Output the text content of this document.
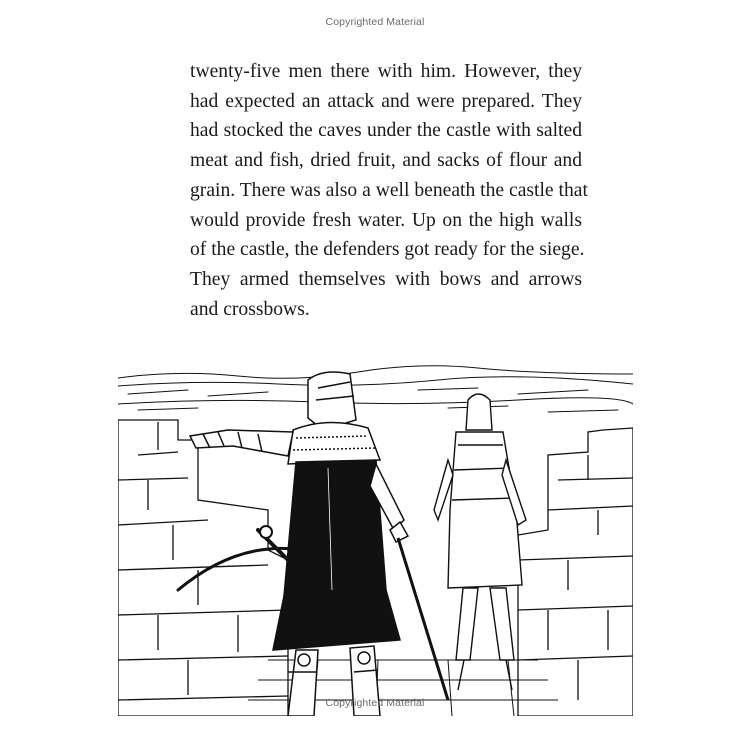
Copyrighted Material
twenty-five men there with him. However, they
had expected an attack and were prepared. They
had stocked the caves under the castle with salted
meat and fish, dried fruit, and sacks of flour and
grain. There was also a well beneath the castle that
would provide fresh water. Up on the high walls
of the castle, the defenders got ready for the siege.
They armed themselves with bows and arrows
and crossbows.
Copyrighted Material
